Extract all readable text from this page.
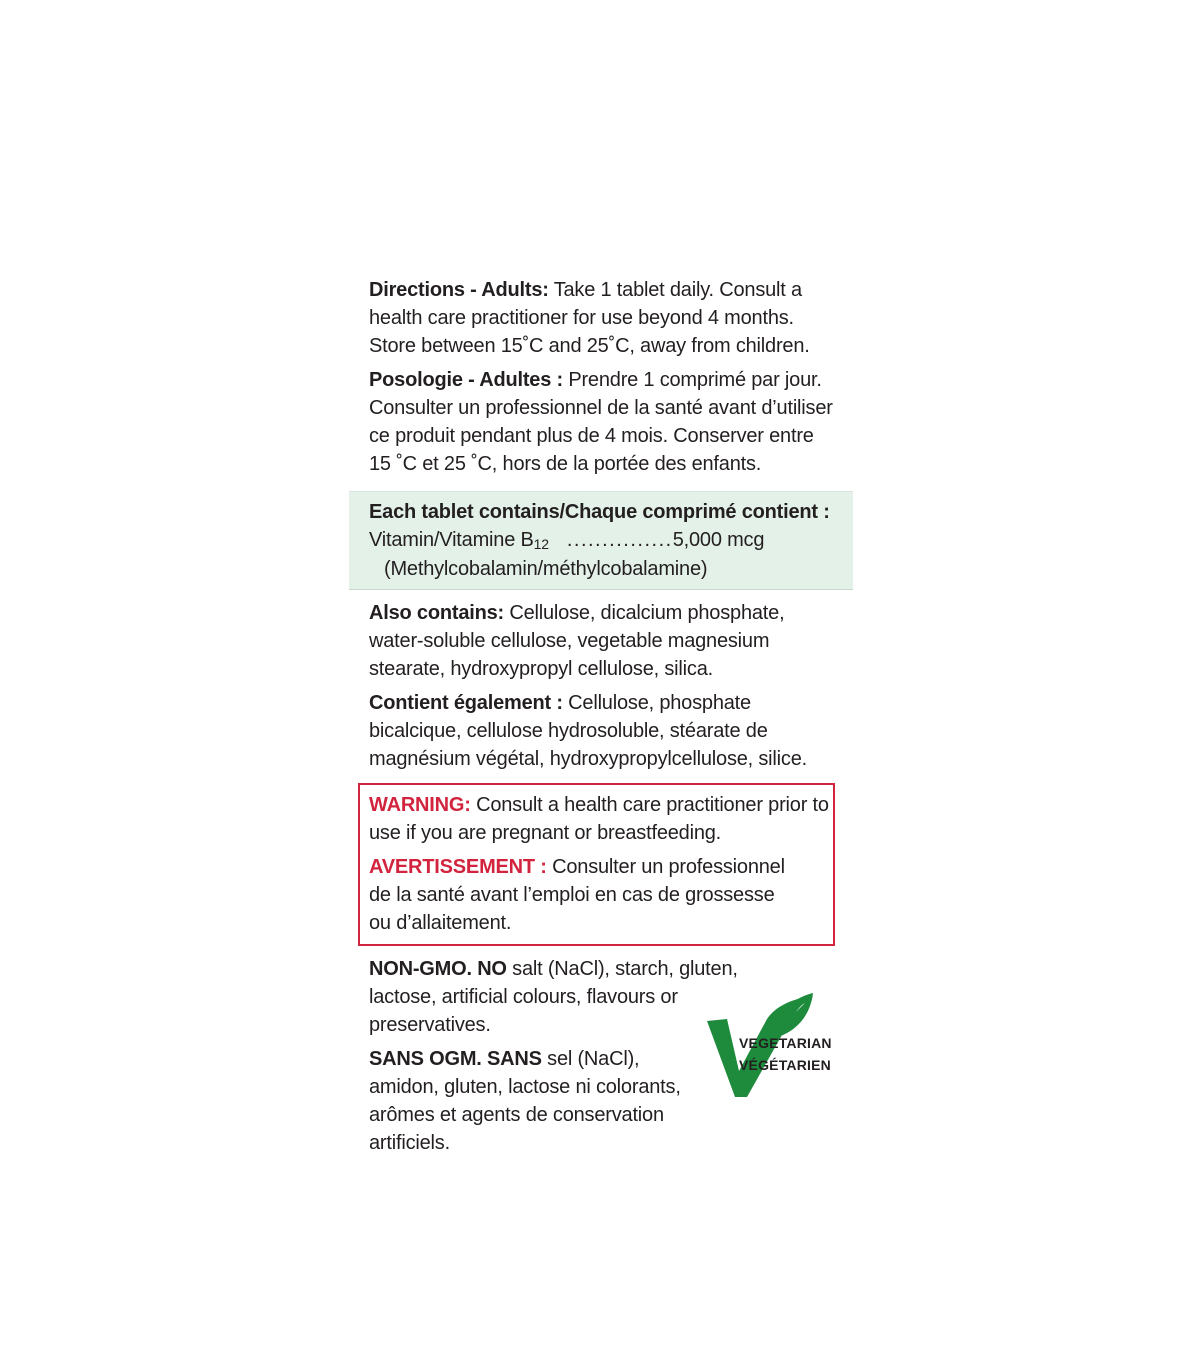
Directions - Adults: Take 1 tablet daily. Consult a health care practitioner for use beyond 4 months. Store between 15˚C and 25˚C, away from children.

Posologie - Adultes : Prendre 1 comprimé par jour. Consulter un professionnel de la santé avant d’utiliser ce produit pendant plus de 4 mois. Conserver entre 15 ˚C et 25 ˚C, hors de la portée des enfants.

Each tablet contains/Chaque comprimé contient :
Vitamin/Vitamine B 12 ............... 5,000 mcg
(Methylcobalamin/méthylcobalamine)

Also contains: Cellulose, dicalcium phosphate, water-soluble cellulose, vegetable magnesium stearate, hydroxypropyl cellulose, silica.

Contient également : Cellulose, phosphate bicalcique, cellulose hydrosoluble, stéarate de magnésium végétal, hydroxypropylcellulose, silice.

WARNING: Consult a health care practitioner prior to use if you are pregnant or breastfeeding.

AVERTISSEMENT : Consulter un professionnel de la santé avant l’emploi en cas de grossesse ou d’allaitement.

NON-GMO. NO salt (NaCl), starch, gluten, lactose, artificial colours, flavours or preservatives.

SANS OGM. SANS sel (NaCl), amidon, gluten, lactose ni colorants, arômes et agents de conservation artificiels.

VEGETARIAN
VÉGÉTARIEN
